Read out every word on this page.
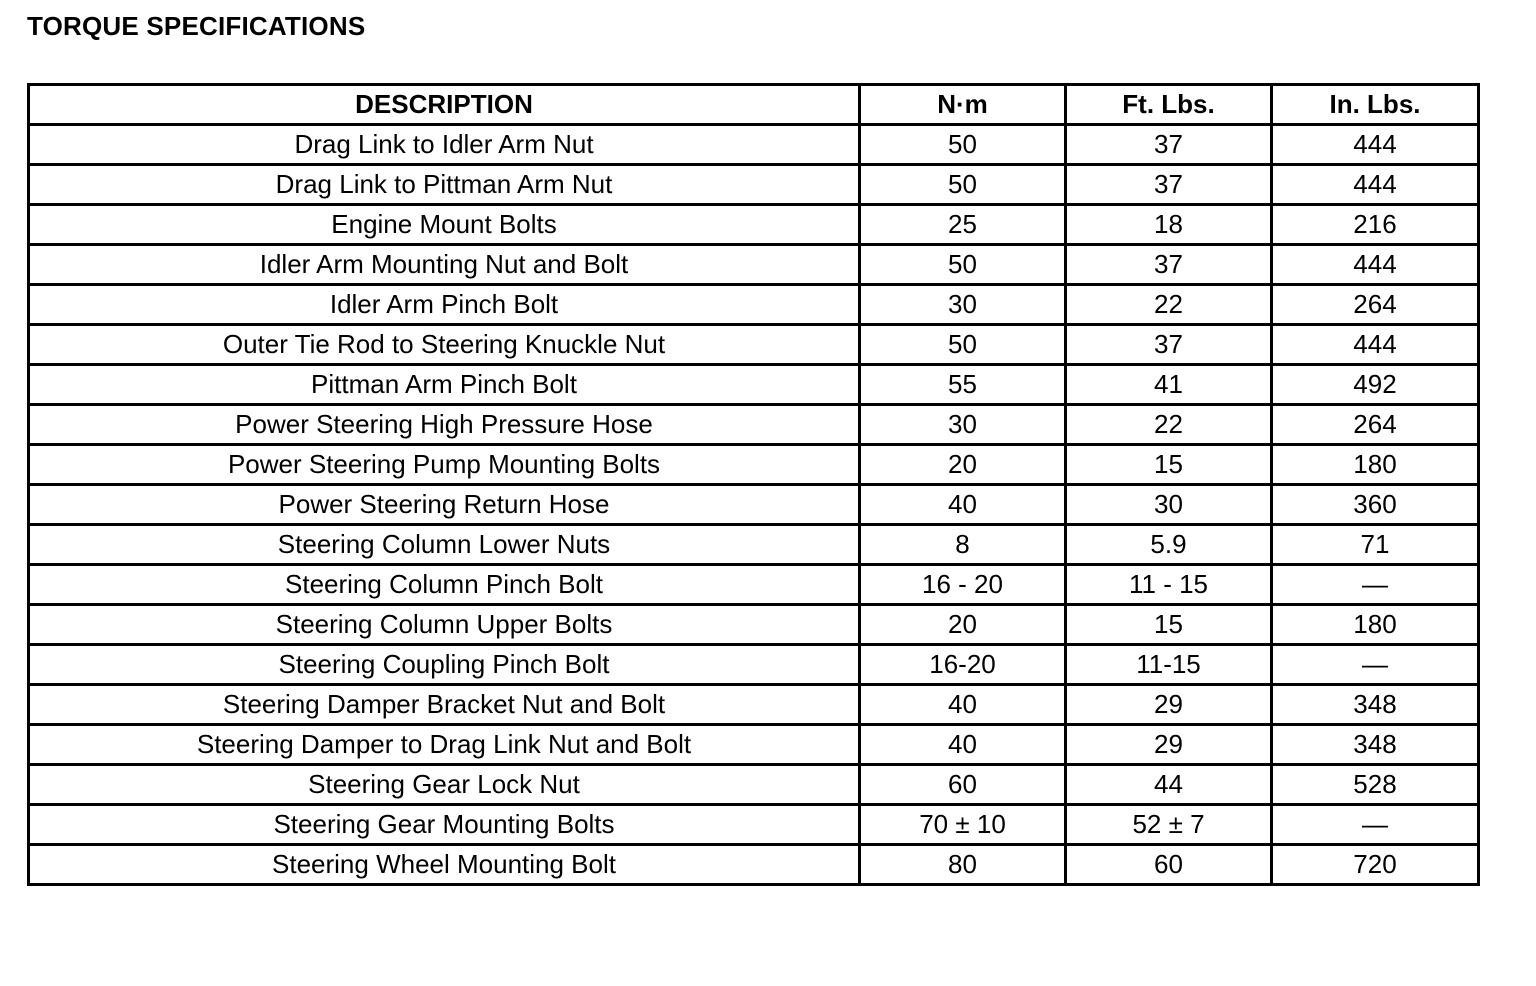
TORQUE SPECIFICATIONS
DESCRIPTION	N·m	Ft. Lbs.	In. Lbs.
Drag Link to Idler Arm Nut	50	37	444
Drag Link to Pittman Arm Nut	50	37	444
Engine Mount Bolts	25	18	216
Idler Arm Mounting Nut and Bolt	50	37	444
Idler Arm Pinch Bolt	30	22	264
Outer Tie Rod to Steering Knuckle Nut	50	37	444
Pittman Arm Pinch Bolt	55	41	492
Power Steering High Pressure Hose	30	22	264
Power Steering Pump Mounting Bolts	20	15	180
Power Steering Return Hose	40	30	360
Steering Column Lower Nuts	8	5.9	71
Steering Column Pinch Bolt	16 - 20	11 - 15	—
Steering Column Upper Bolts	20	15	180
Steering Coupling Pinch Bolt	16-20	11-15	—
Steering Damper Bracket Nut and Bolt	40	29	348
Steering Damper to Drag Link Nut and Bolt	40	29	348
Steering Gear Lock Nut	60	44	528
Steering Gear Mounting Bolts	70 ± 10	52 ± 7	—
Steering Wheel Mounting Bolt	80	60	720
